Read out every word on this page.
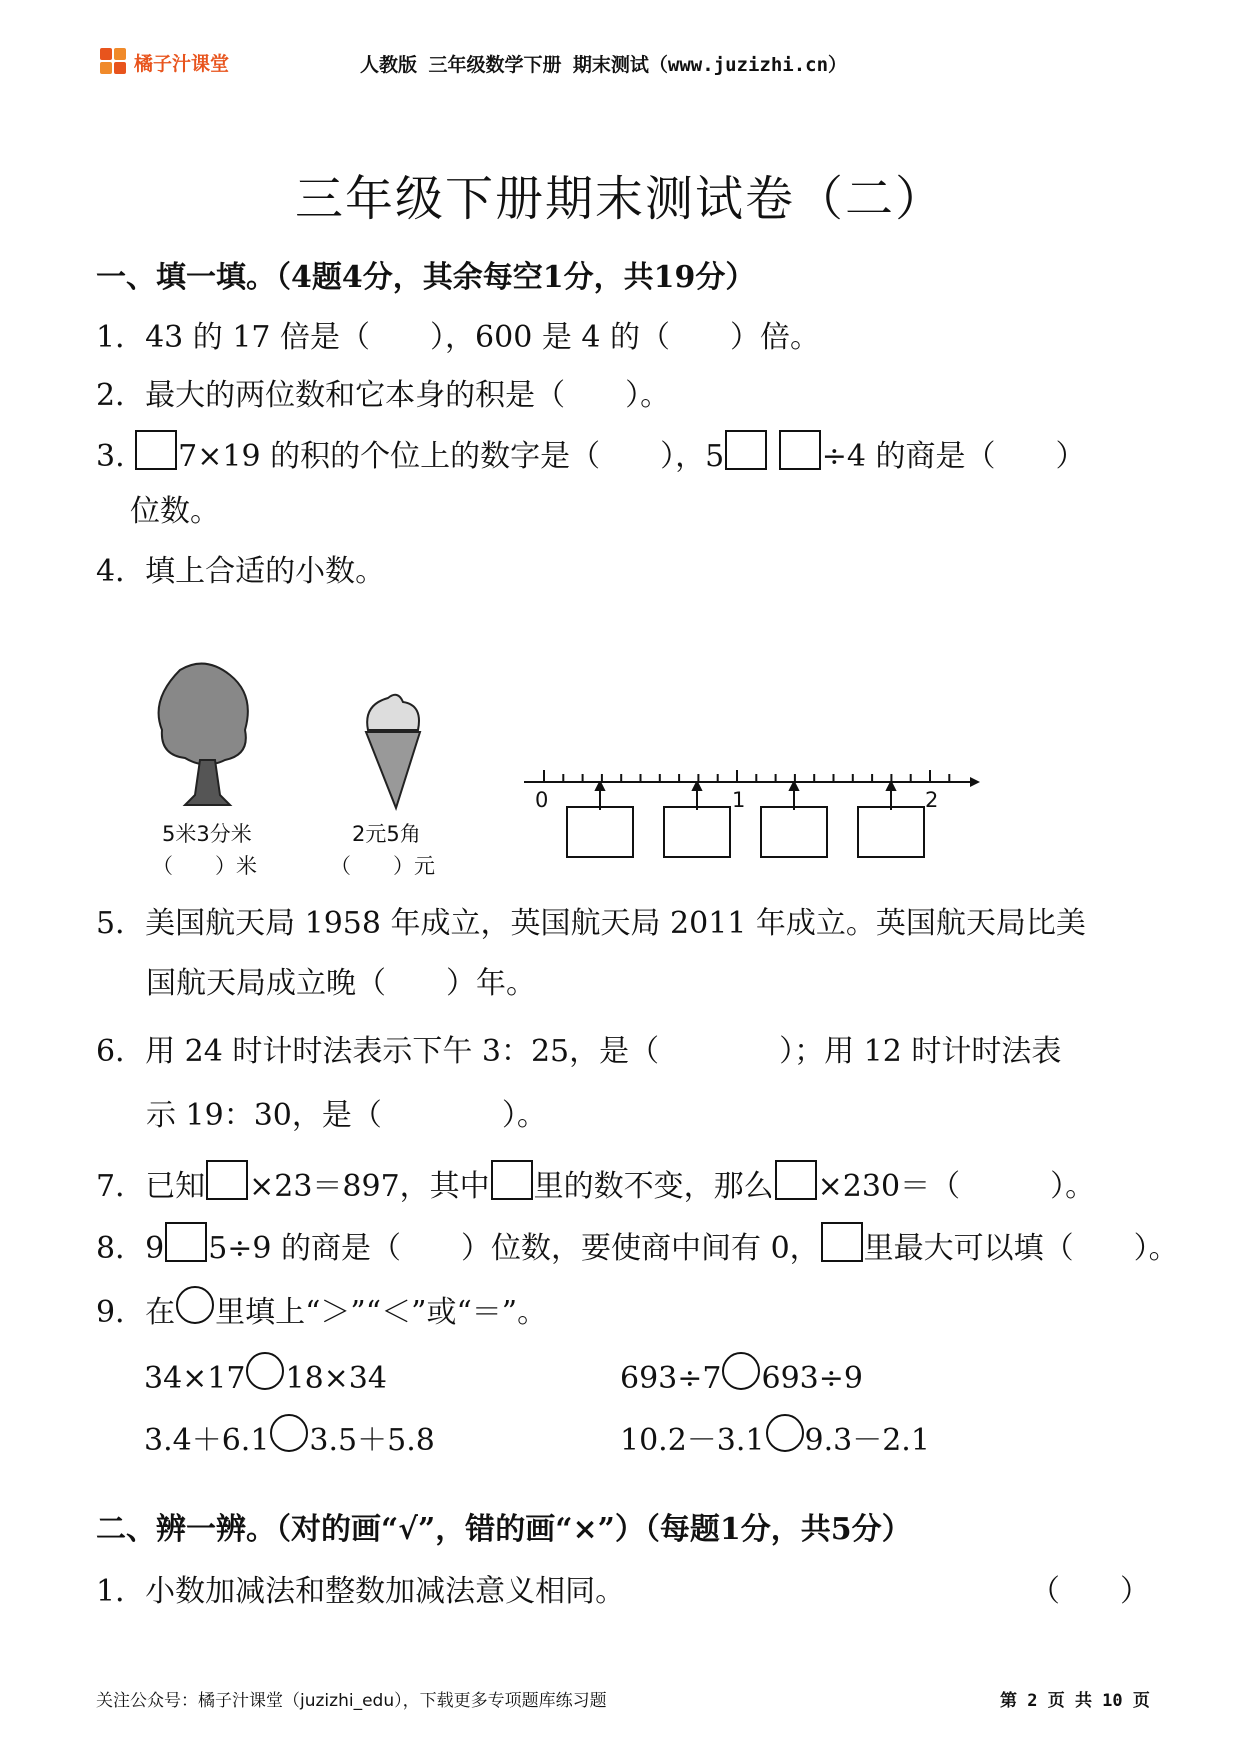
橘子汁课堂	人教版 三年级数学下册 期末测试（www.juzizhi.cn）
三年级下册期末测试卷（二）
一、填一填。（4题4分，其余每空1分，共19分）
1．43 的 17 倍是（　　），600 是 4 的（　　）倍。
2．最大的两位数和它本身的积是（　　）。
3. 7×19 的积的个位上的数字是（　　），5	÷4 的商是（　　）
位数。
4．填上合适的小数。
5米3分米
（　　）米
2元5角
（　　）元
0	1	2
5．美国航天局 1958 年成立，英国航天局 2011 年成立。英国航天局比美
国航天局成立晚（　　）年。
6．用 24 时计时法表示下午 3：25，是（　　　　）；用 12 时计时法表
示 19：30，是（　　　　）。
7．已知 ×23＝897，其中 里的数不变，那么 ×230＝（　　　）。
8．9 5÷9 的商是（　　）位数，要使商中间有 0， 里最大可以填（　　）。
9．在 里填上“＞”“＜”或“＝”。
34×17 18×34	693÷7 693÷9
3.4＋6.1 3.5＋5.8	10.2－3.1 9.3－2.1
二、辨一辨。（对的画“√”，错的画“×”）（每题1分，共5分）
1．小数加减法和整数加减法意义相同。	（　　）
关注公众号：橘子汁课堂（juzizhi_edu），下载更多专项题库练习题	第 2 页 共 10 页
